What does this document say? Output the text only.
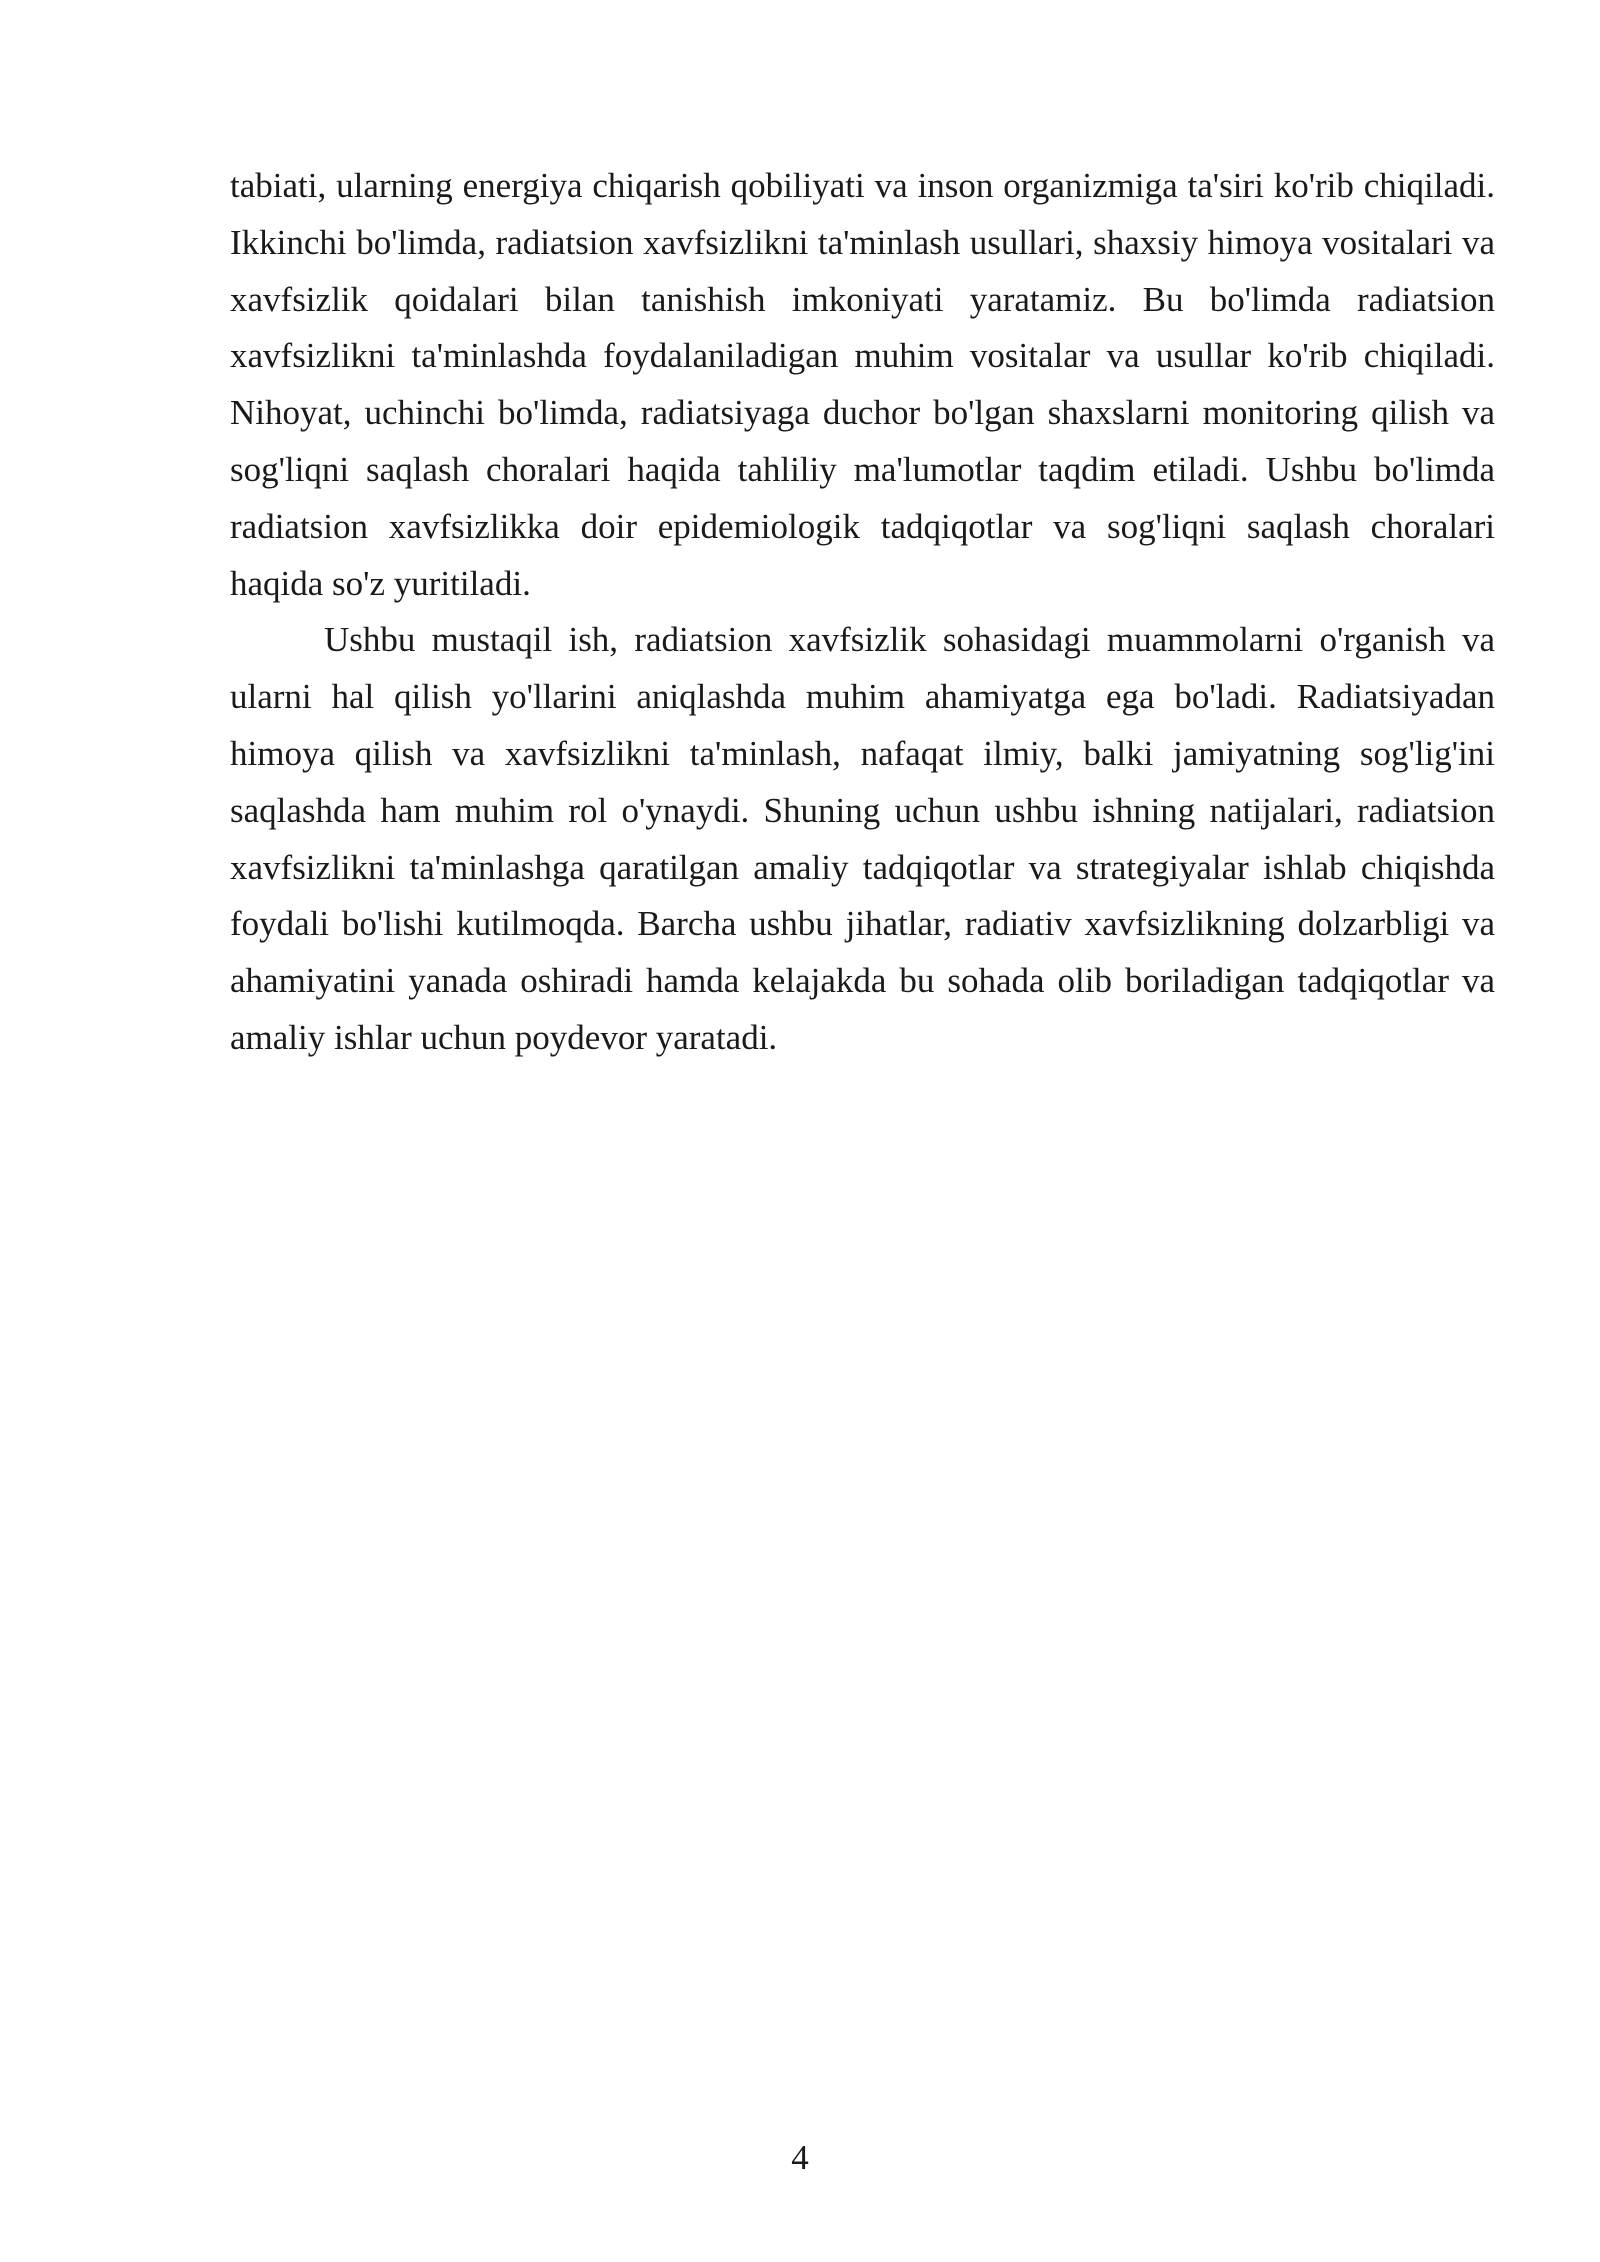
tabiati, ularning energiya chiqarish qobiliyati va inson organizmiga ta'siri ko'rib chiqiladi. Ikkinchi bo'limda, radiatsion xavfsizlikni ta'minlash usullari, shaxsiy himoya vositalari va xavfsizlik qoidalari bilan tanishish imkoniyati yaratamiz. Bu bo'limda radiatsion xavfsizlikni ta'minlashda foydalaniladigan muhim vositalar va usullar ko'rib chiqiladi. Nihoyat, uchinchi bo'limda, radiatsiyaga duchor bo'lgan shaxslarni monitoring qilish va sog'liqni saqlash choralari haqida tahliliy ma'lumotlar taqdim etiladi. Ushbu bo'limda radiatsion xavfsizlikka doir epidemiologik tadqiqotlar va sog'liqni saqlash choralari haqida so'z yuritiladi.

Ushbu mustaqil ish, radiatsion xavfsizlik sohasidagi muammolarni o'rganish va ularni hal qilish yo'llarini aniqlashda muhim ahamiyatga ega bo'ladi. Radiatsiyadan himoya qilish va xavfsizlikni ta'minlash, nafaqat ilmiy, balki jamiyatning sog'lig'ini saqlashda ham muhim rol o'ynaydi. Shuning uchun ushbu ishning natijalari, radiatsion xavfsizlikni ta'minlashga qaratilgan amaliy tadqiqotlar va strategiyalar ishlab chiqishda foydali bo'lishi kutilmoqda. Barcha ushbu jihatlar, radiativ xavfsizlikning dolzarbligi va ahamiyatini yanada oshiradi hamda kelajakda bu sohada olib boriladigan tadqiqotlar va amaliy ishlar uchun poydevor yaratadi.

4
